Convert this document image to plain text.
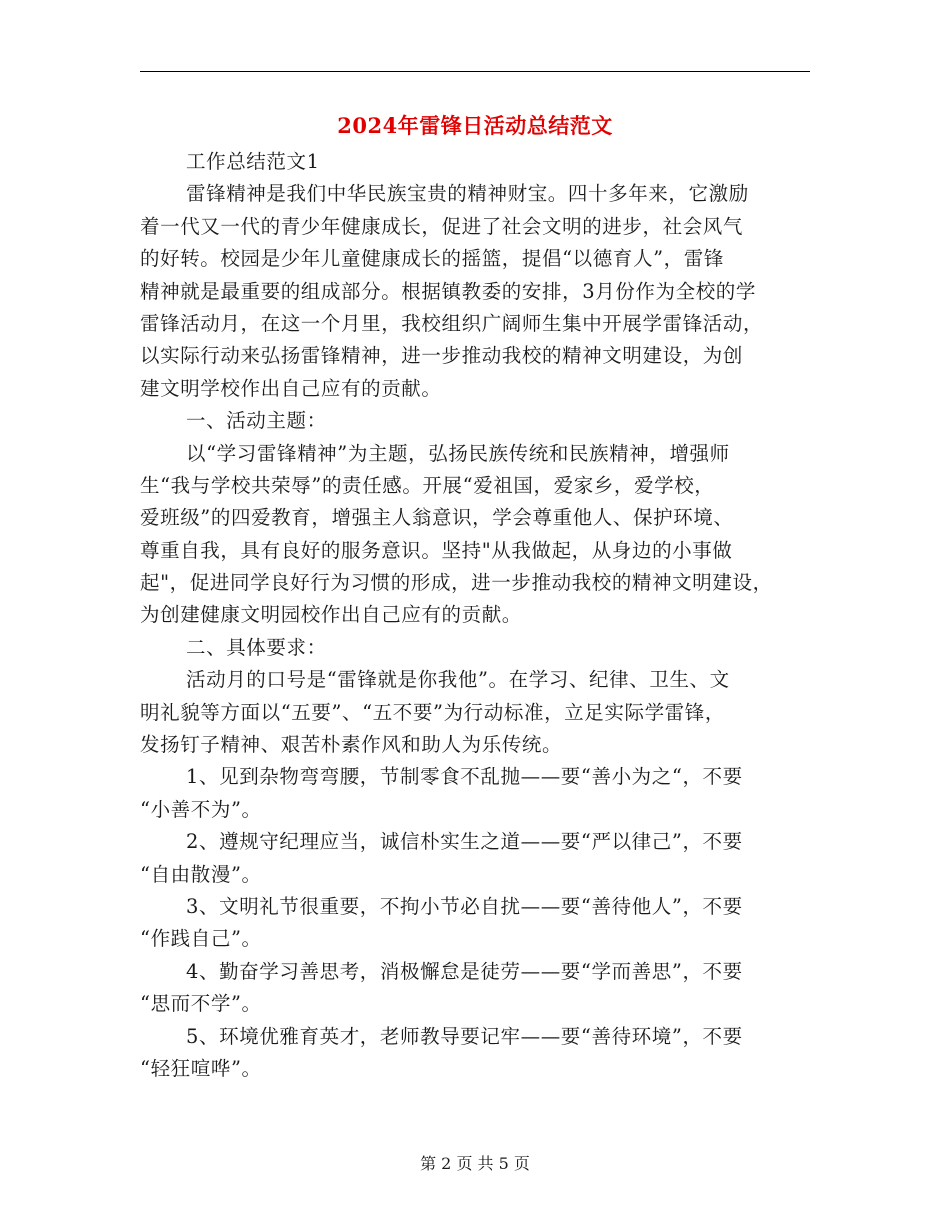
2024年雷锋日活动总结范文
工作总结范文1
雷锋精神是我们中华民族宝贵的精神财宝。四十多年来，它激励
着一代又一代的青少年健康成长，促进了社会文明的进步，社会风气
的好转。校园是少年儿童健康成长的摇篮，提倡“以德育人”，雷锋
精神就是最重要的组成部分。根据镇教委的安排，3月份作为全校的学
雷锋活动月，在这一个月里，我校组织广阔师生集中开展学雷锋活动，
以实际行动来弘扬雷锋精神，进一步推动我校的精神文明建设，为创
建文明学校作出自己应有的贡献。
一、活动主题：
以“学习雷锋精神”为主题，弘扬民族传统和民族精神，增强师
生“我与学校共荣辱”的责任感。开展“爱祖国，爱家乡，爱学校，
爱班级”的四爱教育，增强主人翁意识，学会尊重他人、保护环境、
尊重自我，具有良好的服务意识。坚持"从我做起，从身边的小事做
起"，促进同学良好行为习惯的形成，进一步推动我校的精神文明建设，
为创建健康文明园校作出自己应有的贡献。
二、具体要求：
活动月的口号是“雷锋就是你我他”。在学习、纪律、卫生、文
明礼貌等方面以“五要”、“五不要”为行动标准，立足实际学雷锋，
发扬钉子精神、艰苦朴素作风和助人为乐传统。
1、见到杂物弯弯腰，节制零食不乱抛——要“善小为之“，不要
“小善不为”。
2、遵规守纪理应当，诚信朴实生之道——要“严以律己”，不要
“自由散漫”。
3、文明礼节很重要，不拘小节必自扰——要“善待他人”，不要
“作践自己”。
4、勤奋学习善思考，消极懈怠是徒劳——要“学而善思”，不要
“思而不学”。
5、环境优雅育英才，老师教导要记牢——要“善待环境”，不要
“轻狂喧哗”。
第 2 页 共 5 页
